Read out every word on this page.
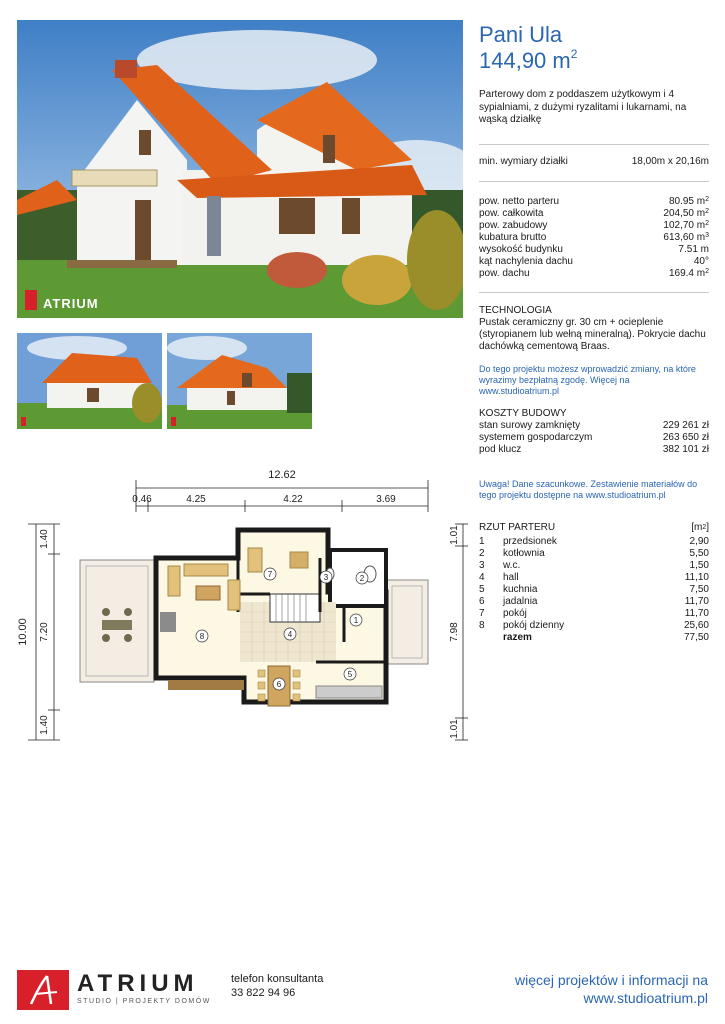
ATRIUM
Pani Ula
144,90 $m^2$
Parterowy dom z poddaszem użytkowym i 4 sypialniami, z dużymi ryzalitami i lukarnami, na wąską działkę
min. wymiary działki	18,00m x 20,16m
pow. netto parteru	80.95 $m^2$
pow. całkowita	204,50 $m^2$
pow. zabudowy	102,70 $m^2$
kubatura brutto	613,60 $m^3$
wysokość budynku	7.51 m
kąt nachylenia dachu	40°
pow. dachu	169.4 $m^2$
TECHNOLOGIA

Pustak ceramiczny gr. 30 cm + ocieplenie (styropianem lub wełną mineralną). Pokrycie dachu dachówką cementową Braas.

Do tego projektu możesz wprowadzić zmiany, na które wyrazimy bezpłatną zgodę. Więcej na www.studioatrium.pl
KOSZTY BUDOWY
stan surowy zamknięty	229 261 zł
systemem gospodarczym	263 650 zł
pod klucz	382 101 zł
Uwaga! Dane szacunkowe. Zestawienie materiałów do tego projektu dostępne na www.studioatrium.pl
RZUT PARTERU	$[m^2]$
1	przedsionek	2,90
2	kotłownia	5,50
3	w.c.	1,50
4	hall	11,10
5	kuchnia	7,50
6	jadalnia	11,70
7	pokój	11,70
8	pokój dzienny	25,60
razem	77,50
12.62
0.46	4.25	4.22	3.69
10.00
1.40
7.20
1.40
1.01
7.98
1.01
1
2
3
4
5
6
7
8
ATRIUM
STUDIO | PROJEKTY DOMÓW
telefon konsultanta
33 822 94 96
więcej projektów i informacji na
www.studioatrium.pl
